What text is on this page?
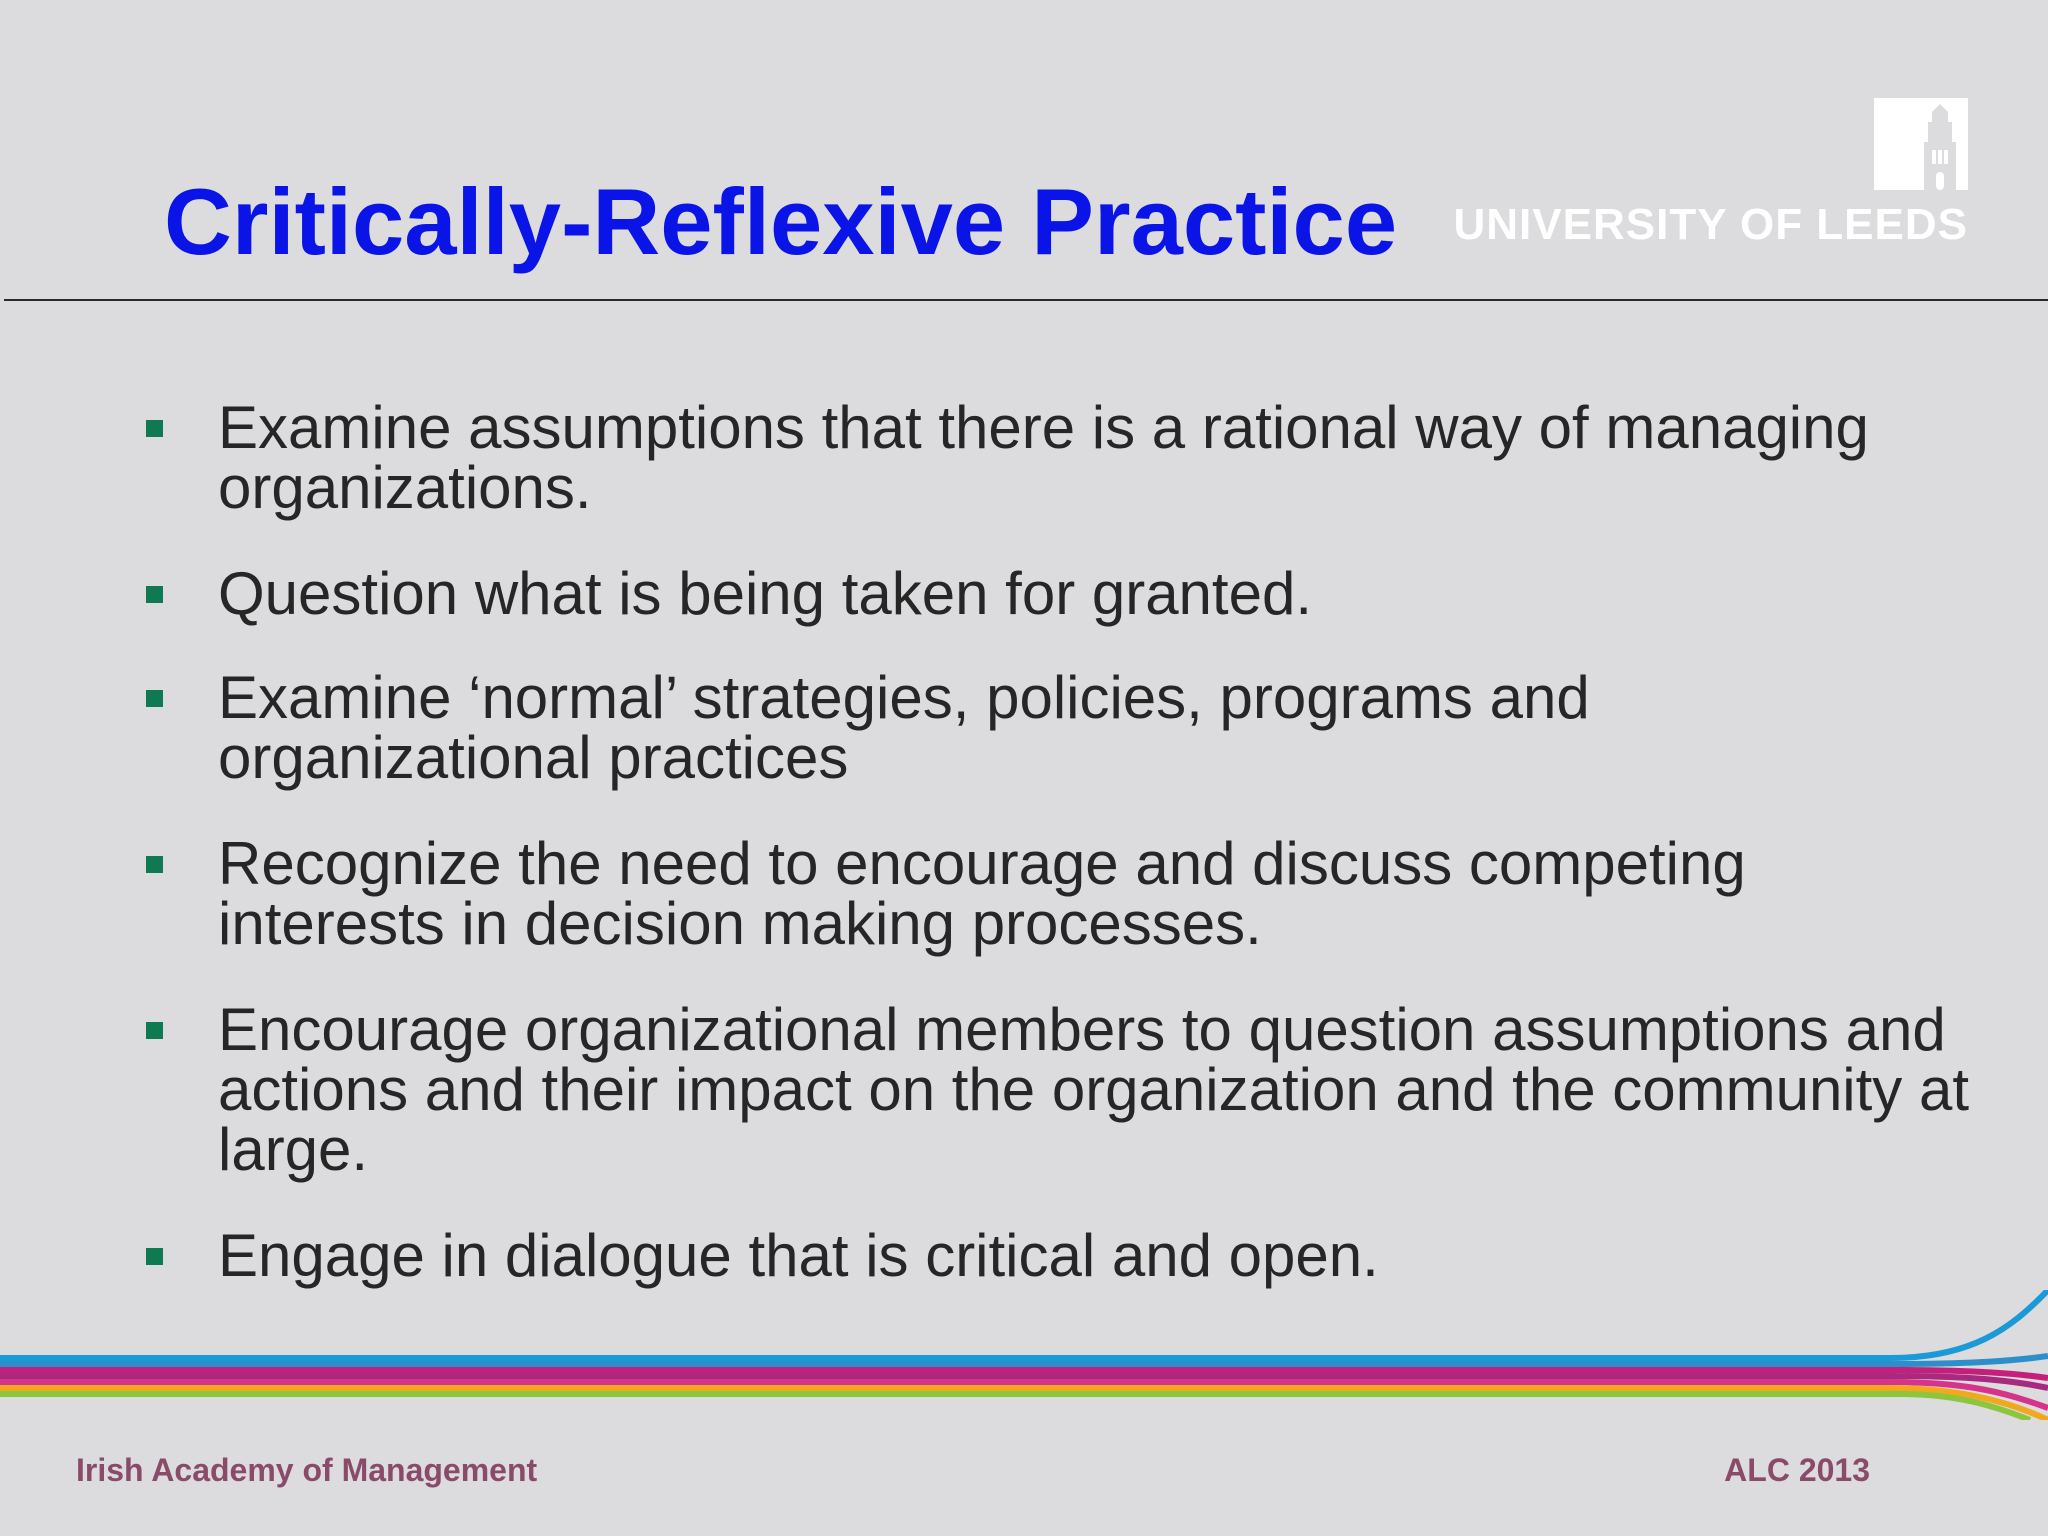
Critically-Reflexive Practice UNIVERSITY OF LEEDS
Examine assumptions that there is a rational way of managing organizations.
Question what is being taken for granted.
Examine ‘normal’ strategies, policies, programs and organizational practices
Recognize the need to encourage and discuss competing interests in decision making processes.
Encourage organizational members to question assumptions and actions and their impact on the organization and the community at large.
Engage in dialogue that is critical and open.
Irish Academy of Management	ALC 2013
